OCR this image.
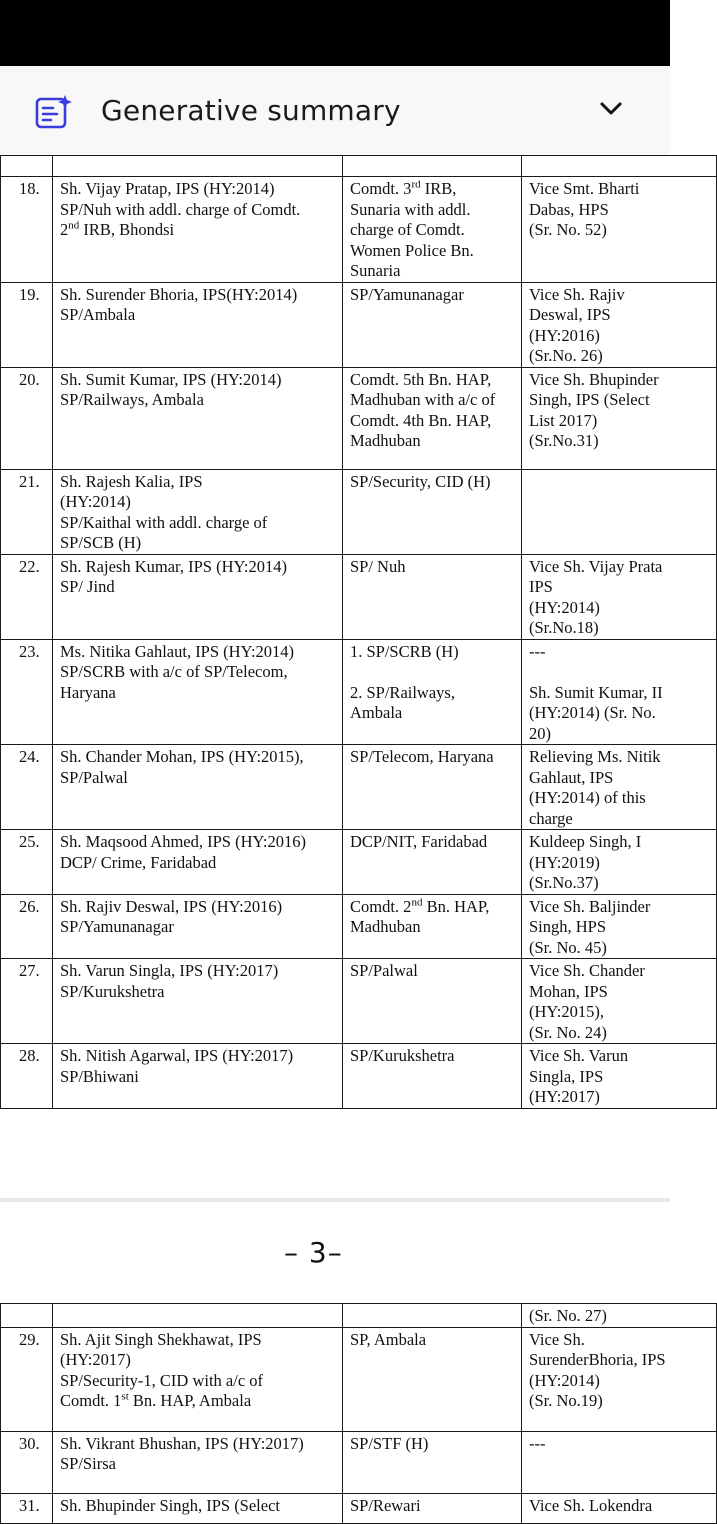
Generative summary

18.	Sh. Vijay Pratap, IPS (HY:2014)
SP/Nuh with addl. charge of Comdt.
2nd IRB, Bhondsi	Comdt. 3rd IRB,
Sunaria with addl.
charge of Comdt.
Women Police Bn.
Sunaria	Vice Smt. Bharti
Dabas, HPS
(Sr. No. 52)

19.	Sh. Surender Bhoria, IPS(HY:2014)
SP/Ambala	SP/Yamunanagar	Vice Sh. Rajiv
Deswal, IPS
(HY:2016)
(Sr.No. 26)

20.	Sh. Sumit Kumar, IPS (HY:2014)
SP/Railways, Ambala	Comdt. 5th Bn. HAP,
Madhuban with a/c of
Comdt. 4th Bn. HAP,
Madhuban	Vice Sh. Bhupinder
Singh, IPS (Select
List 2017)
(Sr.No.31)

21.	Sh. Rajesh Kalia, IPS
(HY:2014)
SP/Kaithal with addl. charge of
SP/SCB (H)	SP/Security, CID (H)	

22.	Sh. Rajesh Kumar, IPS (HY:2014)
SP/ Jind	SP/ Nuh	Vice Sh. Vijay Prata
IPS
(HY:2014)
(Sr.No.18)

23.	Ms. Nitika Gahlaut, IPS (HY:2014)
SP/SCRB with a/c of SP/Telecom,
Haryana	1. SP/SCRB (H)

2. SP/Railways,
Ambala	---

Sh. Sumit Kumar, II
(HY:2014) (Sr. No.
20)

24.	Sh. Chander Mohan, IPS (HY:2015),
SP/Palwal	SP/Telecom, Haryana	Relieving Ms. Nitik
Gahlaut, IPS
(HY:2014) of this
charge

25.	Sh. Maqsood Ahmed, IPS (HY:2016)
DCP/ Crime, Faridabad	DCP/NIT, Faridabad	Kuldeep Singh, I
(HY:2019)
(Sr.No.37)

26.	Sh. Rajiv Deswal, IPS (HY:2016)
SP/Yamunanagar	Comdt. 2nd Bn. HAP,
Madhuban	Vice Sh. Baljinder
Singh, HPS
(Sr. No. 45)

27.	Sh. Varun Singla, IPS (HY:2017)
SP/Kurukshetra	SP/Palwal	Vice Sh. Chander
Mohan, IPS
(HY:2015),
(Sr. No. 24)

28.	Sh. Nitish Agarwal, IPS (HY:2017)
SP/Bhiwani	SP/Kurukshetra	Vice Sh. Varun
Singla, IPS
(HY:2017)
– 3–

			(Sr. No. 27)

29.	Sh. Ajit Singh Shekhawat, IPS
(HY:2017)
SP/Security-1, CID with a/c of
Comdt. 1st Bn. HAP, Ambala	SP, Ambala	Vice Sh.
SurenderBhoria, IPS
(HY:2014)
(Sr. No.19)

30.	Sh. Vikrant Bhushan, IPS (HY:2017)
SP/Sirsa	SP/STF (H)	---

31.	Sh. Bhupinder Singh, IPS (Select	SP/Rewari	Vice Sh. Lokendra
